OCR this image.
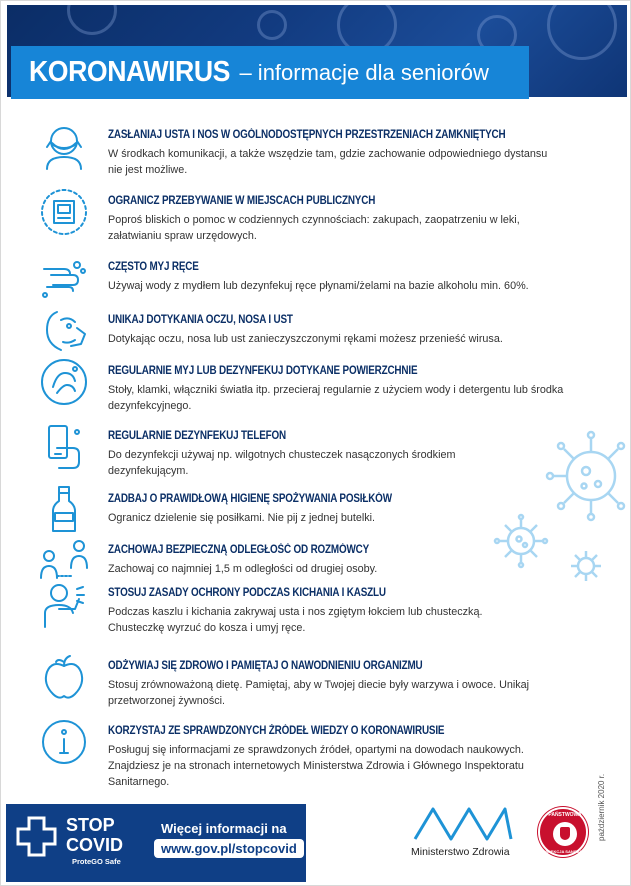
KORONAWIRUS – informacje dla seniorów
ZASŁANIAJ USTA I NOS W OGÓLNODOSTĘPNYCH PRZESTRZENIACH ZAMKNIĘTYCH
W środkach komunikacji, a także wszędzie tam, gdzie zachowanie odpowiedniego dystansu nie jest możliwe.
OGRANICZ PRZEBYWANIE W MIEJSCACH PUBLICZNYCH
Poproś bliskich o pomoc w codziennych czynnościach: zakupach, zaopatrzeniu w leki, załatwianiu spraw urzędowych.
CZĘSTO MYJ RĘCE
Używaj wody z mydłem lub dezynfekuj ręce płynami/żelami na bazie alkoholu min. 60%.
UNIKAJ DOTYKANIA OCZU, NOSA I UST
Dotykając oczu, nosa lub ust zanieczyszczonymi rękami możesz przenieść wirusa.
REGULARNIE MYJ LUB DEZYNFEKUJ DOTYKANE POWIERZCHNIE
Stoły, klamki, włączniki światła itp. przecieraj regularnie z użyciem wody i detergentu lub środka dezynfekcyjnego.
REGULARNIE DEZYNFEKUJ TELEFON
Do dezynfekcji używaj np. wilgotnych chusteczek nasączonych środkiem dezynfekującym.
ZADBAJ O PRAWIDŁOWĄ HIGIENĘ SPOŻYWANIA POSIŁKÓW
Ogranicz dzielenie się posiłkami. Nie pij z jednej butelki.
ZACHOWAJ BEZPIECZNĄ ODLEGŁOŚĆ OD ROZMÓWCY
Zachowaj co najmniej 1,5 m odległości od drugiej osoby.
STOSUJ ZASADY OCHRONY PODCZAS KICHANIA I KASZLU
Podczas kaszlu i kichania zakrywaj usta i nos zgiętym łokciem lub chusteczką. Chusteczkę wyrzuć do kosza i umyj ręce.
ODŻYWIAJ SIĘ ZDROWO I PAMIĘTAJ O NAWODNIENIU ORGANIZMU
Stosuj zrównoważoną dietę. Pamiętaj, aby w Twojej diecie były warzywa i owoce. Unikaj przetworzonej żywności.
KORZYSTAJ ZE SPRAWDZONYCH ŹRÓDEŁ WIEDZY O KORONAWIRUSIE
Posługuj się informacjami ze sprawdzonych źródeł, opartymi na dowodach naukowych. Znajdziesz je na stronach internetowych Ministerstwa Zdrowia i Głównego Inspektoratu Sanitarnego.	październik 2020 r.
STOP
COVID
ProteGO Safe
Więcej informacji na
www.gov.pl/stopcovid	Ministerstwo Zdrowia
PAŃSTWOWA
INSPEKCJA SANITARNA
